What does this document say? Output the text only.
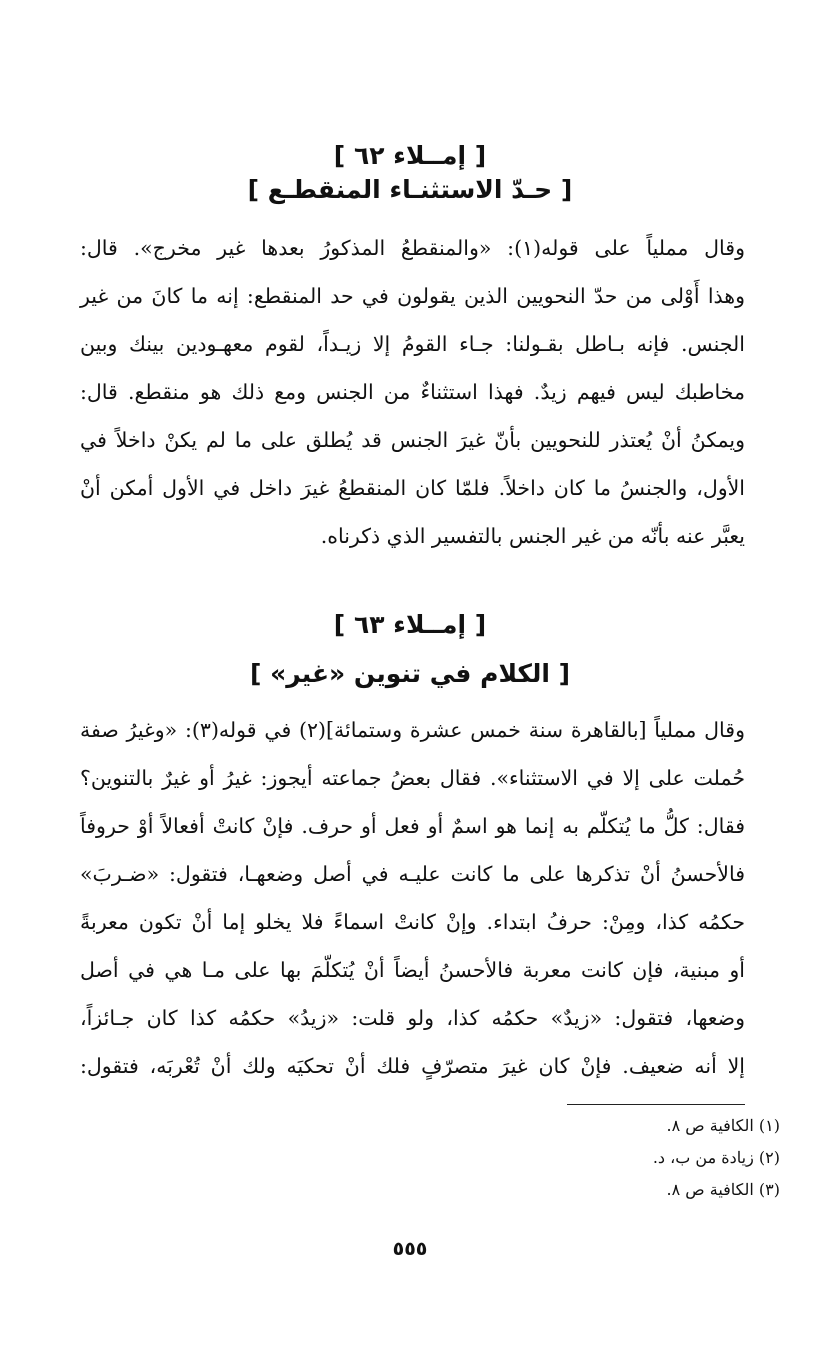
[ إمــلاء ٦٢ ]
[ حـدّ الاستثنـاء المنقطـع ]
وقال مملياً على قوله(١): «والمنقطعُ المذكورُ بعدها غير مخرج». قال:
وهذا أَوْلى من حدّ النحويين الذين يقولون في حد المنقطع: إنه ما كانَ من غير
الجنس. فإنه بـاطل بقـولنا: جـاء القومُ إلا زيـداً، لقوم معهـودين بينك وبين
مخاطبك ليس فيهم زيدٌ. فهذا استثناءٌ من الجنس ومع ذلك هو منقطع. قال:
ويمكنُ أنْ يُعتذر للنحويين بأنّ غيرَ الجنس قد يُطلق على ما لم يكنْ داخلاً في
الأول، والجنسُ ما كان داخلاً. فلمّا كان المنقطعُ غيرَ داخل في الأول أمكن أنْ
يعبَّر عنه بأنّه من غير الجنس بالتفسير الذي ذكرناه.
[ إمــلاء ٦٣ ]
[ الكلام في تنوين «غير» ]
وقال مملياً [بالقاهرة سنة خمس عشرة وستمائة](٢) في قوله(٣): «وغيرُ صفة
حُملت على إلا في الاستثناء». فقال بعضُ جماعته أيجوز: غيرُ أو غيرٌ بالتنوين؟
فقال: كلُّ ما يُتكلّم به إنما هو اسمٌ أو فعل أو حرف. فإنْ كانتْ أفعالاً أوْ حروفاً
فالأحسنُ أنْ تذكرها على ما كانت عليـه في أصل وضعهـا، فتقول: «ضـربَ»
حكمُه كذا، ومِنْ: حرفُ ابتداء. وإنْ كانتْ اسماءً فلا يخلو إما أنْ تكون معربةً
أو مبنية، فإن كانت معربة فالأحسنُ أيضاً أنْ يُتكلّمَ بها على مـا هي في أصل
وضعها، فتقول: «زيدٌ» حكمُه كذا، ولو قلت: «زيدُ» حكمُه كذا كان جـائزاً،
إلا أنه ضعيف. فإنْ كان غيرَ متصرّفٍ فلك أنْ تحكيَه ولك أنْ تُعْربَه، فتقول:
(١) الكافية ص ٨.
(٢) زيادة من ب، د.
(٣) الكافية ص ٨.
٥٥٥
